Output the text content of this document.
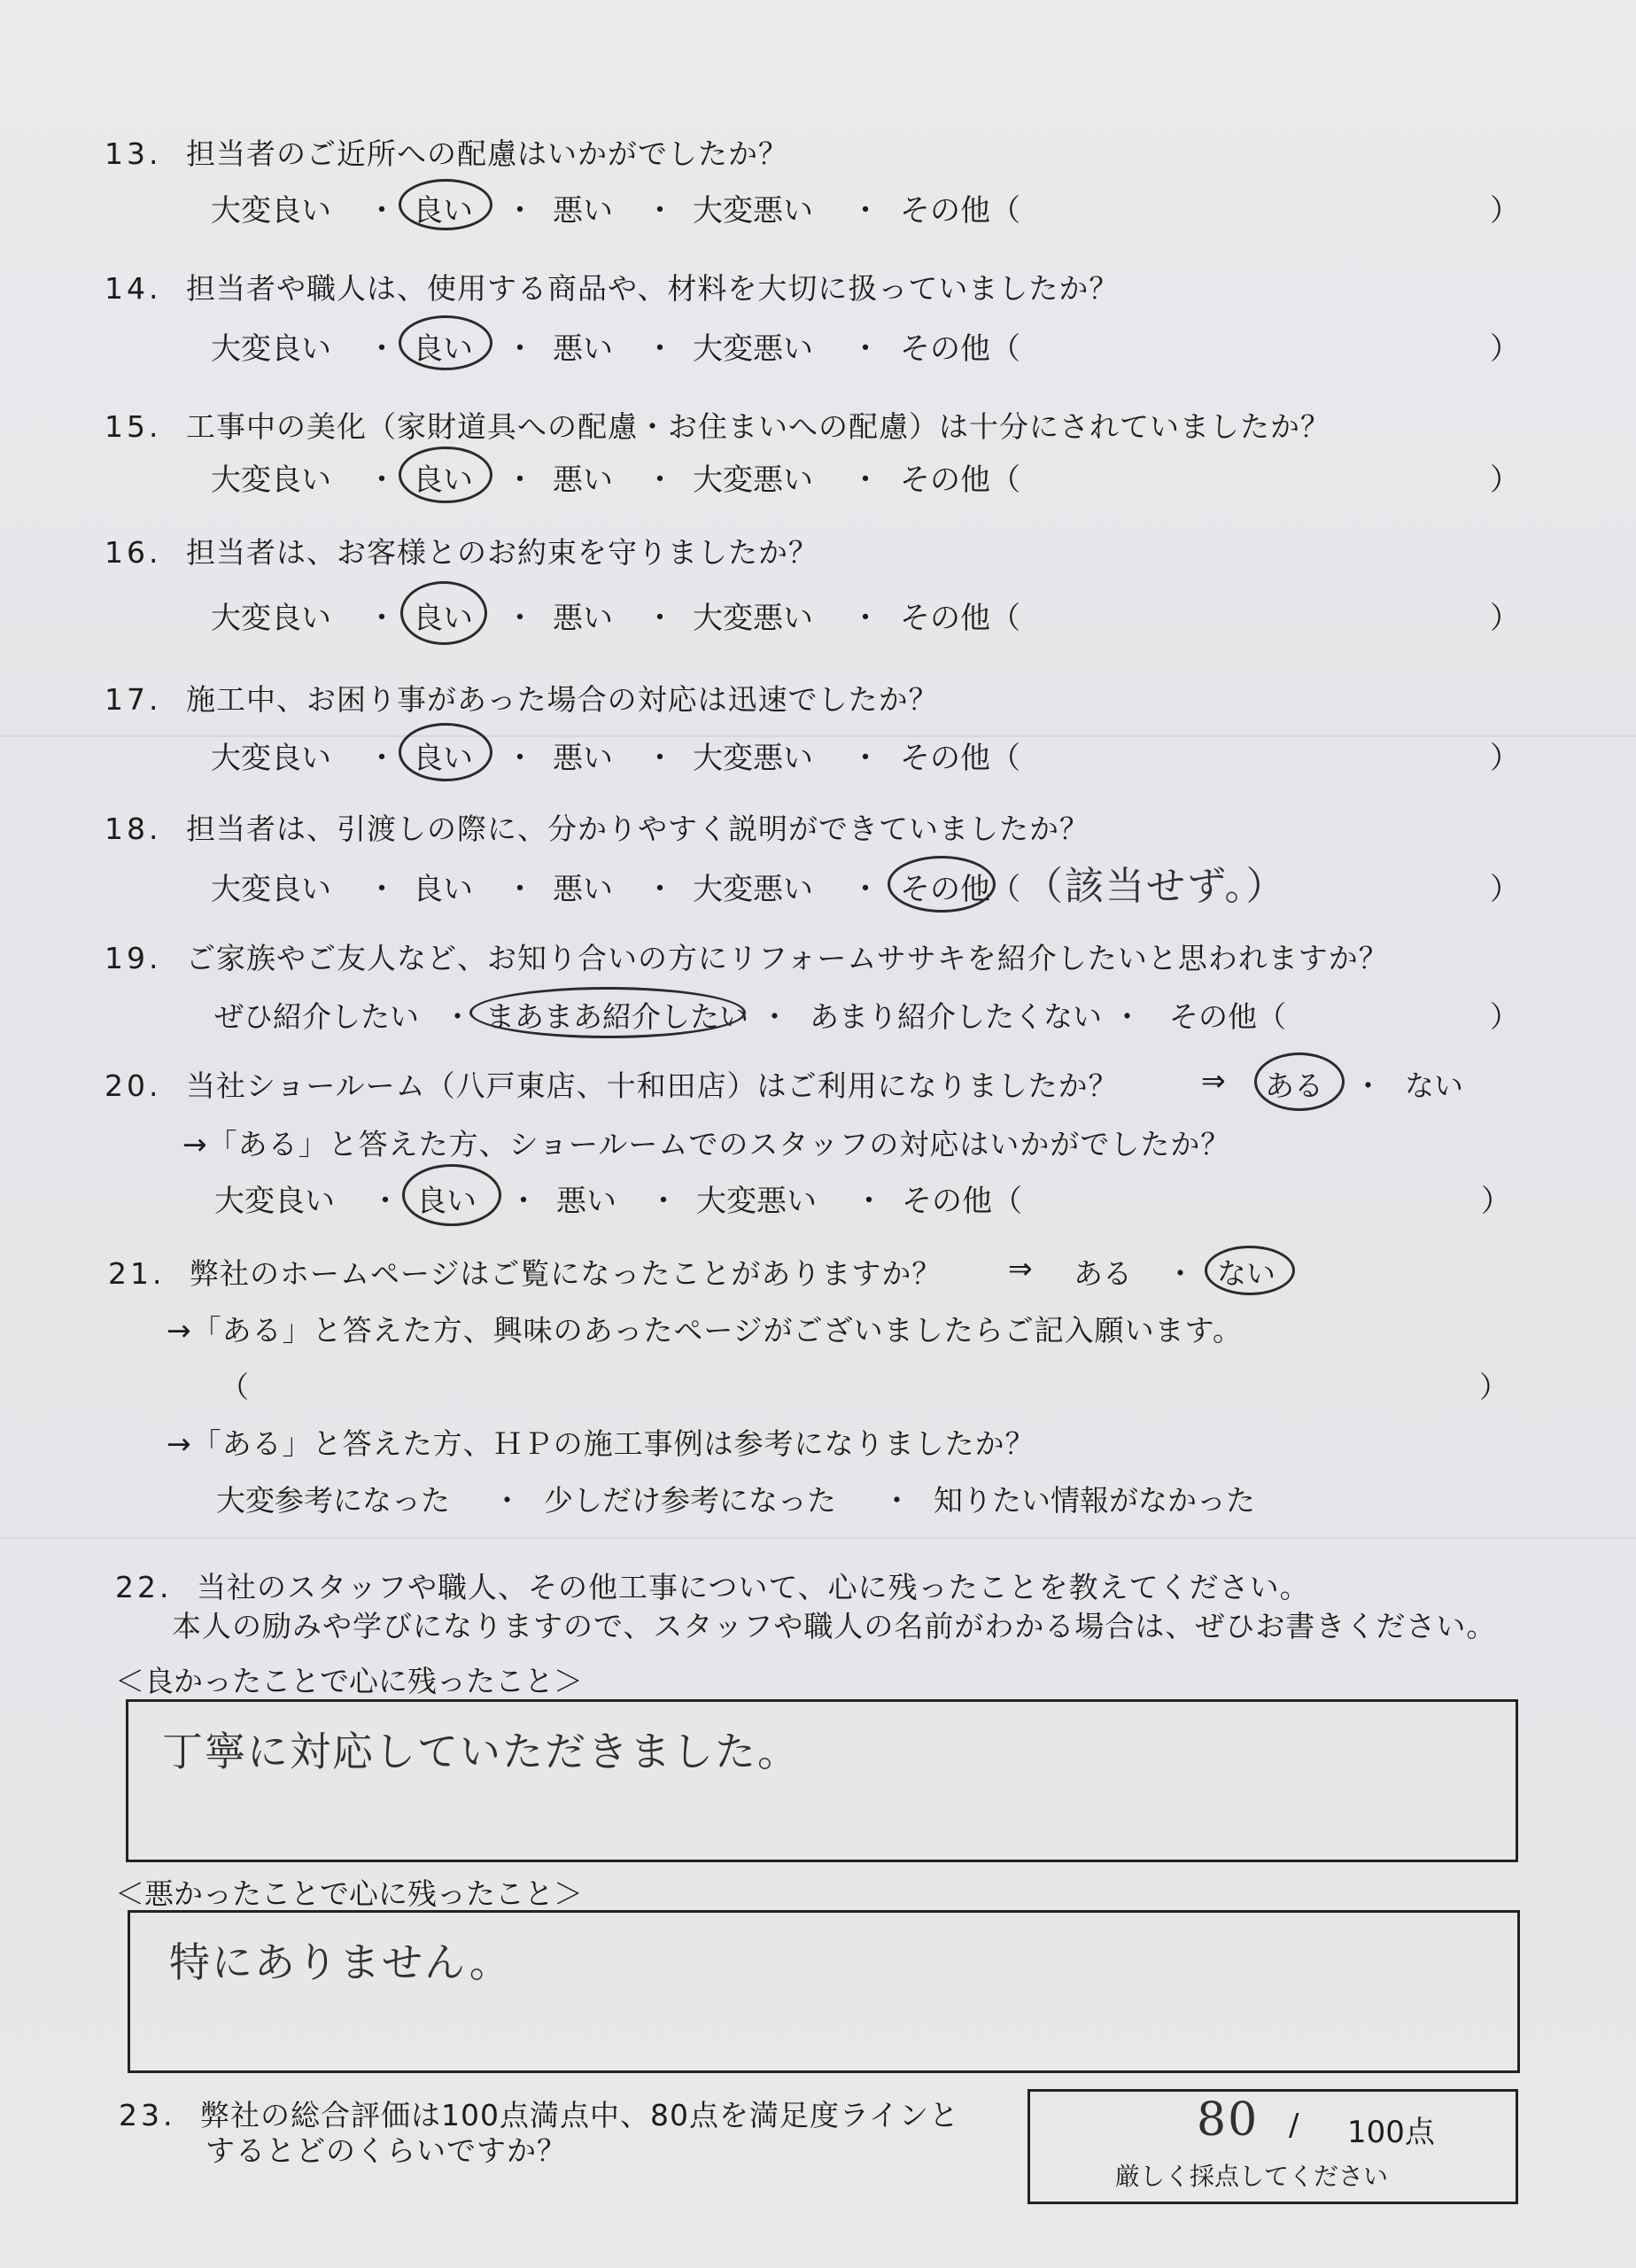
13. 担当者のご近所への配慮はいかがでしたか？
大変良い ・ 良い ・ 悪い ・ 大変悪い ・ その他（	）
14. 担当者や職人は、使用する商品や、材料を大切に扱っていましたか？
大変良い ・ 良い ・ 悪い ・ 大変悪い ・ その他（	）
15. 工事中の美化（家財道具への配慮・お住まいへの配慮）は十分にされていましたか？
大変良い ・ 良い ・ 悪い ・ 大変悪い ・ その他（	）
16. 担当者は、お客様とのお約束を守りましたか？
大変良い ・ 良い ・ 悪い ・ 大変悪い ・ その他（	）
17. 施工中、お困り事があった場合の対応は迅速でしたか？
大変良い ・ 良い ・ 悪い ・ 大変悪い ・ その他（	）
18. 担当者は、引渡しの際に、分かりやすく説明ができていましたか？
大変良い ・ 良い ・ 悪い ・ 大変悪い ・ その他（ （該当せず。）	）
19. ご家族やご友人など、お知り合いの方にリフォームササキを紹介したいと思われますか？
ぜひ紹介したい ・ まあまあ紹介したい ・ あまり紹介したくない ・ その他（	）
20. 当社ショールーム（八戸東店、十和田店）はご利用になりましたか？	⇒ ある ・ ない
→「ある」と答えた方、ショールームでのスタッフの対応はいかがでしたか？
大変良い ・ 良い ・ 悪い ・ 大変悪い ・ その他（	）
21. 弊社のホームページはご覧になったことがありますか？ ⇒ ある ・ ない
→「ある」と答えた方、興味のあったページがございましたらご記入願います。
（	）
→「ある」と答えた方、ＨＰの施工事例は参考になりましたか？
大変参考になった ・ 少しだけ参考になった ・ 知りたい情報がなかった
22. 当社のスタッフや職人、その他工事について、心に残ったことを教えてください。
本人の励みや学びになりますので、スタッフや職人の名前がわかる場合は、ぜひお書きください。
＜良かったことで心に残ったこと＞
丁寧に対応していただきました。
＜悪かったことで心に残ったこと＞
特にありません。
23. 弊社の総合評価は100点満点中、80点を満足度ラインと
するとどのくらいですか？
80 / 100点
厳しく採点してください
